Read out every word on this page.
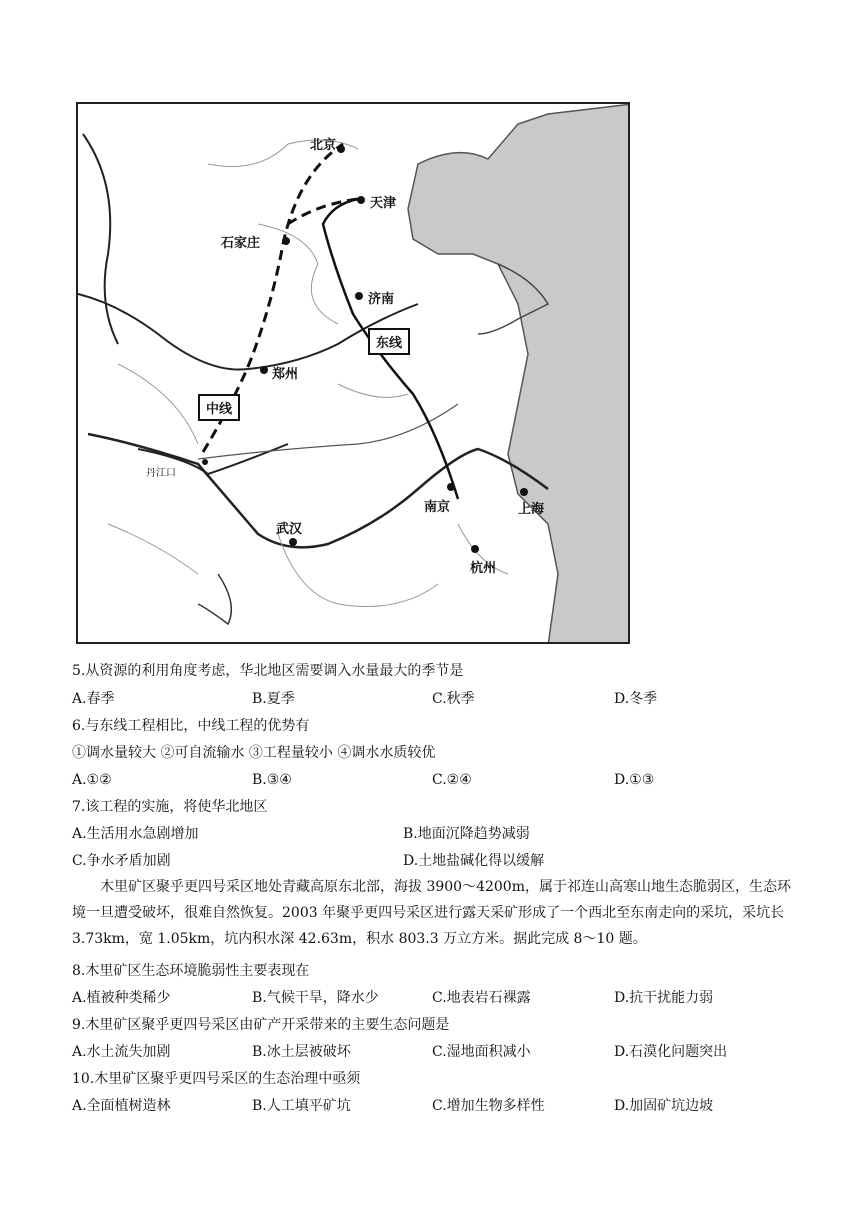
北京
天津
石家庄
济南
东线
郑州
中线
丹江口
南京	上海
武汉
杭州
5.从资源的利用角度考虑，华北地区需要调入水量最大的季节是
A.春季	B.夏季	C.秋季	D.冬季
6.与东线工程相比，中线工程的优势有
①调水量较大 ②可自流输水 ③工程量较小 ④调水水质较优
A.①②	B.③④	C.②④	D.①③
7.该工程的实施，将使华北地区
A.生活用水急剧增加	B.地面沉降趋势减弱
C.争水矛盾加剧	D.土地盐碱化得以缓解
木里矿区聚乎更四号采区地处青藏高原东北部，海拔 3900～4200m，属于祁连山高寒山地生态脆弱区，生态环境一旦遭受破坏，很难自然恢复。2003 年聚乎更四号采区进行露天采矿形成了一个西北至东南走向的采坑，采坑长 3.73km，宽 1.05km，坑内积水深 42.63m，积水 803.3 万立方米。据此完成 8～10 题。
8.木里矿区生态环境脆弱性主要表现在
A.植被种类稀少	B.气候干旱，降水少	C.地表岩石裸露	D.抗干扰能力弱
9.木里矿区聚乎更四号采区由矿产开采带来的主要生态问题是
A.水土流失加剧	B.冰土层被破坏	C.湿地面积减小	D.石漠化问题突出
10.木里矿区聚乎更四号采区的生态治理中亟须
A.全面植树造林	B.人工填平矿坑	C.增加生物多样性	D.加固矿坑边坡
